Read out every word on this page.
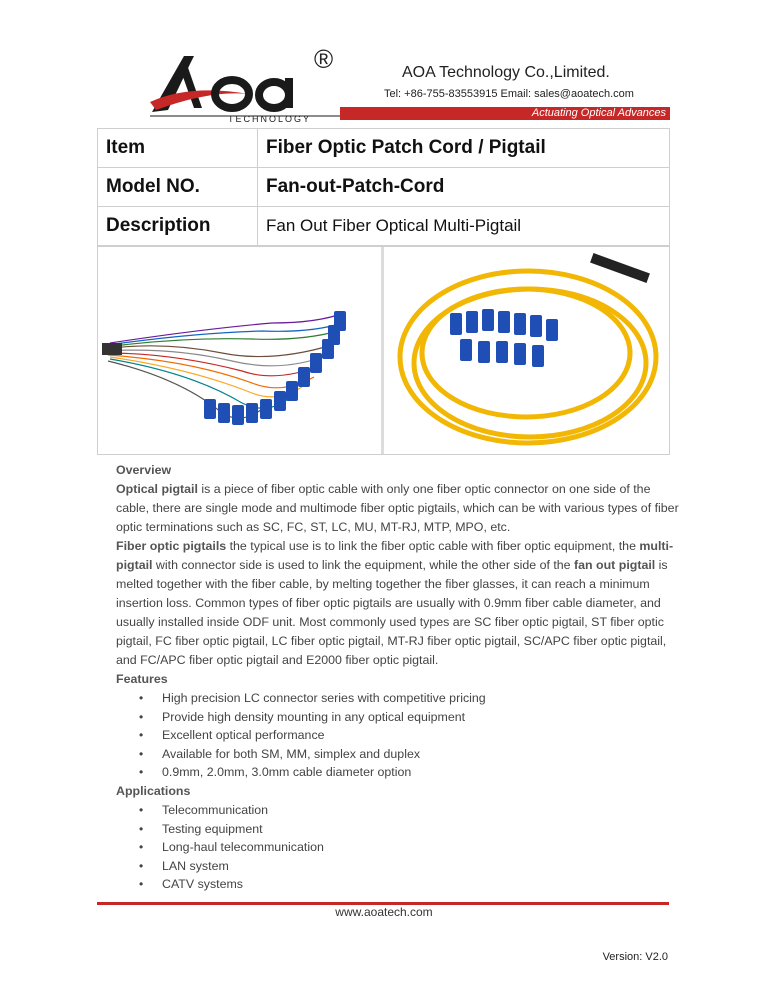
®
TECHNOLOGY
AOA Technology Co.,Limited.
Tel: +86-755-83553915 Email: sales@aoatech.com
Actuating Optical Advances
Item	Fiber Optic Patch Cord / Pigtail
Model NO.	Fan-out-Patch-Cord
Description	Fan Out Fiber Optical Multi-Pigtail

Overview

Optical pigtail is a piece of fiber optic cable with only one fiber optic connector on one side of the cable, there are single mode and multimode fiber optic pigtails, which can be with various types of fiber optic terminations such as SC, FC, ST, LC, MU, MT-RJ, MTP, MPO, etc.

Fiber optic pigtails the typical use is to link the fiber optic cable with fiber optic equipment, the multi-pigtail with connector side is used to link the equipment, while the other side of the fan out pigtail is melted together with the fiber cable, by melting together the fiber glasses, it can reach a minimum insertion loss. Common types of fiber optic pigtails are usually with 0.9mm fiber cable diameter, and usually installed inside ODF unit. Most commonly used types are SC fiber optic pigtail, ST fiber optic pigtail, FC fiber optic pigtail, LC fiber optic pigtail, MT-RJ fiber optic pigtail, SC/APC fiber optic pigtail, and FC/APC fiber optic pigtail and E2000 fiber optic pigtail.

Features

• High precision LC connector series with competitive pricing
• Provide high density mounting in any optical equipment
• Excellent optical performance
• Available for both SM, MM, simplex and duplex
• 0.9mm, 2.0mm, 3.0mm cable diameter option

Applications

• Telecommunication
• Testing equipment
• Long-haul telecommunication
• LAN system
• CATV systems
www.aoatech.com
Version: V2.0
